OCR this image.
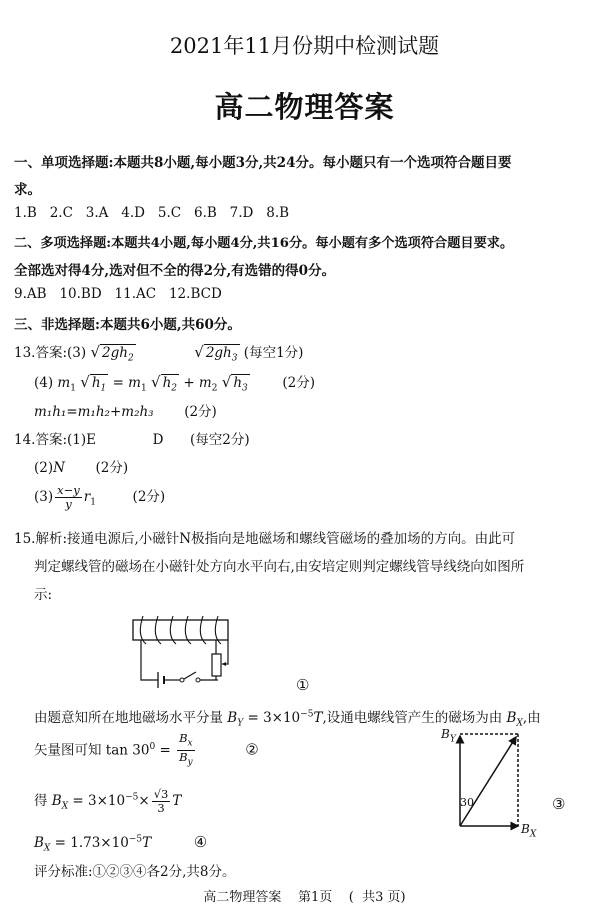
2021年11月份期中检测试题
高二物理答案
一、单项选择题:本题共8小题,每小题3分,共24分。每小题只有一个选项符合题目要
求。
1.B 2.C 3.A 4.D 5.C 6.B 7.D 8.B
二、多项选择题:本题共4小题,每小题4分,共16分。每小题有多个选项符合题目要求。
全部选对得4分,选对但不全的得2分,有选错的得0分。
9.AB 10.BD 11.AC 12.BCD
三、非选择题:本题共6小题,共60分。
13.答案:(3) √ $2gh_2$	√ $2gh_3$ (每空1分)
(4) $m_1$ √ $h_1 = m_1$ √ $h_2 + m_2$ √ $h_3$	(2分)
m₁h₁=m₁h₂+m₂h₃ (2分)
14.答案:(1)E	D (每空2分)
(2)N (2分)
$(3) \frac{x-y}{y} r_1$	(2分)
15.解析:接通电源后,小磁针N极指向是地磁场和螺线管磁场的叠加场的方向。由此可
判定螺线管的磁场在小磁针处方向水平向右,由安培定则判定螺线管导线绕向如图所
示:
①
由题意知所在地地磁场水平分量 $B_Y = 3\times 10^{-5}T$,设通电螺线管产生的磁场为由 $B_X$,由
矢量图可知 $\tan 30^0 = \frac{B_x}{B_y}$	②
得 $B_X = 3\times 10^{-5}\times \frac{√3}{3}$ T
$B_X = 1.73\times 10^{-5}T$	④
评分标准:①②③④各2分,共8分。
$B_Y$
$B_X$
30	③
高二物理答案    第1页    (  共3 页)
